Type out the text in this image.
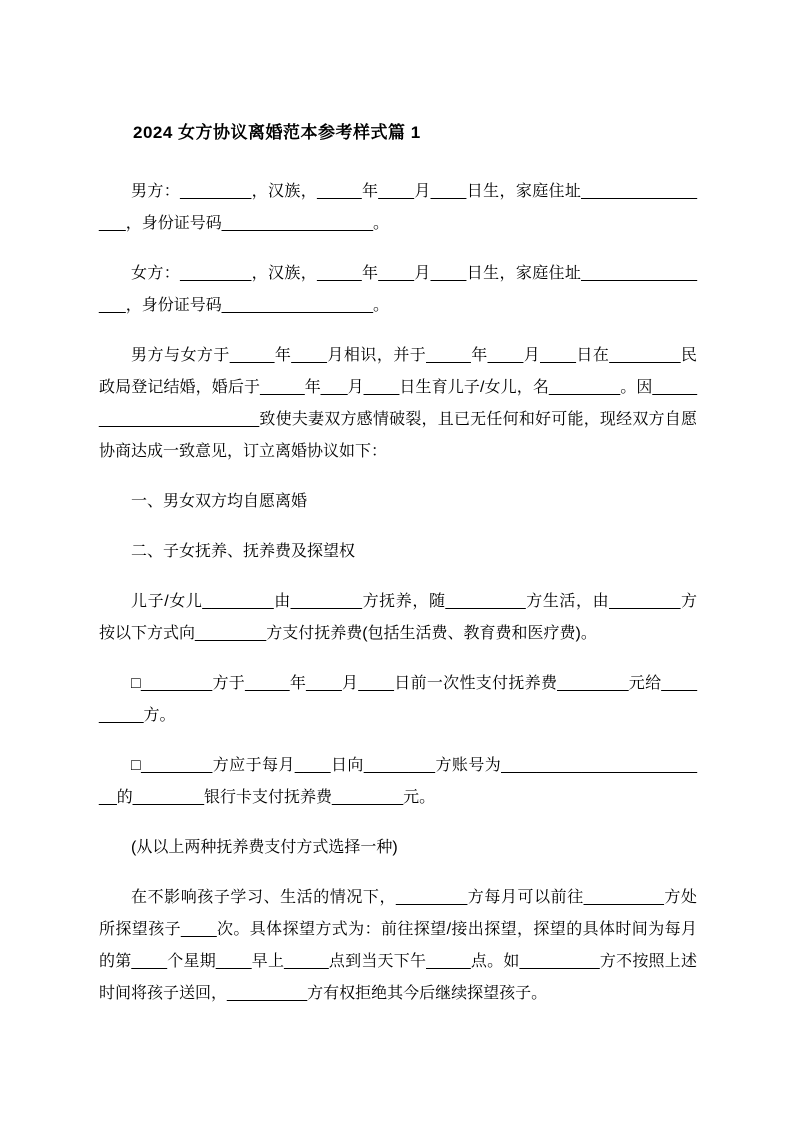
2024 女方协议离婚范本参考样式篇 1

男方：________，汉族，_____年____月____日生，家庭住址________________，身份证号码_________________。

女方：________，汉族，_____年____月____日生，家庭住址________________，身份证号码_________________。

男方与女方于_____年____月相识，并于_____年____月____日在________民政局登记结婚，婚后于_____年___月____日生育儿子/女儿，名________。因_______________________致使夫妻双方感情破裂，且已无任何和好可能，现经双方自愿协商达成一致意见，订立离婚协议如下：

一、男女双方均自愿离婚

二、子女抚养、抚养费及探望权

儿子/女儿________由________方抚养，随_________方生活，由________方按以下方式向________方支付抚养费(包括生活费、教育费和医疗费)。

□________方于_____年____月____日前一次性支付抚养费________元给_________方。

□________方应于每月____日向________方账号为________________________的________银行卡支付抚养费________元。

(从以上两种抚养费支付方式选择一种)

在不影响孩子学习、生活的情况下，________方每月可以前往_________方处所探望孩子____次。具体探望方式为：前往探望/接出探望，探望的具体时间为每月的第____个星期____早上_____点到当天下午_____点。如_________方不按照上述时间将孩子送回，_________方有权拒绝其今后继续探望孩子。
